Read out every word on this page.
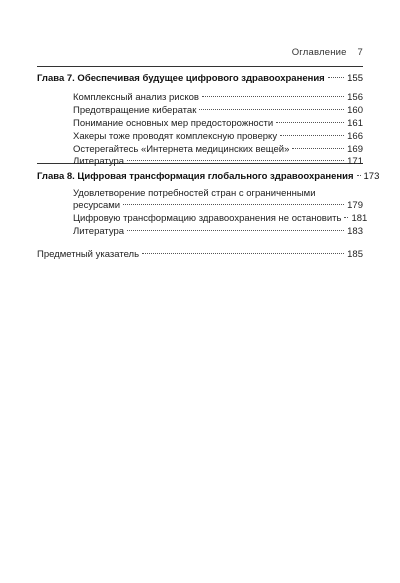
Оглавление 7
Глава 7. Обеспечивая будущее цифрового здравоохранения 155
Комплексный анализ рисков	156
Предотвращение кибератак	160
Понимание основных мер предосторожности	161
Хакеры тоже проводят комплексную проверку	166
Остерегайтесь «Интернета медицинских вещей»	169
Литература	171
Глава 8. Цифровая трансформация глобального здравоохранения 173
Удовлетворение потребностей стран с ограниченными
ресурсами	179
Цифровую трансформацию здравоохранения не остановить 181
Литература	183
Предметный указатель	185
